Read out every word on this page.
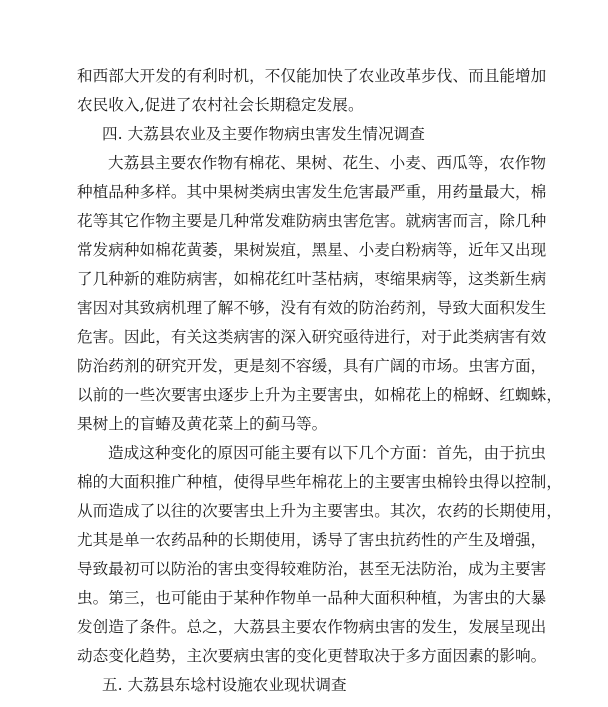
和西部大开发的有利时机，不仅能加快了农业改革步伐、而且能增加
农民收入,促进了农村社会长期稳定发展。
四. 大荔县农业及主要作物病虫害发生情况调查
大荔县主要农作物有棉花、果树、花生、小麦、西瓜等，农作物
种植品种多样。其中果树类病虫害发生危害最严重，用药量最大，棉
花等其它作物主要是几种常发难防病虫害危害。就病害而言，除几种
常发病种如棉花黄萎，果树炭疽，黑星、小麦白粉病等，近年又出现
了几种新的难防病害，如棉花红叶茎枯病，枣缩果病等，这类新生病
害因对其致病机理了解不够，没有有效的防治药剂，导致大面积发生
危害。因此，有关这类病害的深入研究亟待进行，对于此类病害有效
防治药剂的研究开发，更是刻不容缓，具有广阔的市场。虫害方面，
以前的一些次要害虫逐步上升为主要害虫，如棉花上的棉蚜、红蜘蛛，
果树上的盲蝽及黄花菜上的蓟马等。
造成这种变化的原因可能主要有以下几个方面：首先，由于抗虫
棉的大面积推广种植，使得早些年棉花上的主要害虫棉铃虫得以控制，
从而造成了以往的次要害虫上升为主要害虫。其次，农药的长期使用，
尤其是单一农药品种的长期使用，诱导了害虫抗药性的产生及增强，
导致最初可以防治的害虫变得较难防治，甚至无法防治，成为主要害
虫。第三，也可能由于某种作物单一品种大面积种植，为害虫的大暴
发创造了条件。总之，大荔县主要农作物病虫害的发生，发展呈现出
动态变化趋势，主次要病虫害的变化更替取决于多方面因素的影响。
五. 大荔县东埝村设施农业现状调查
